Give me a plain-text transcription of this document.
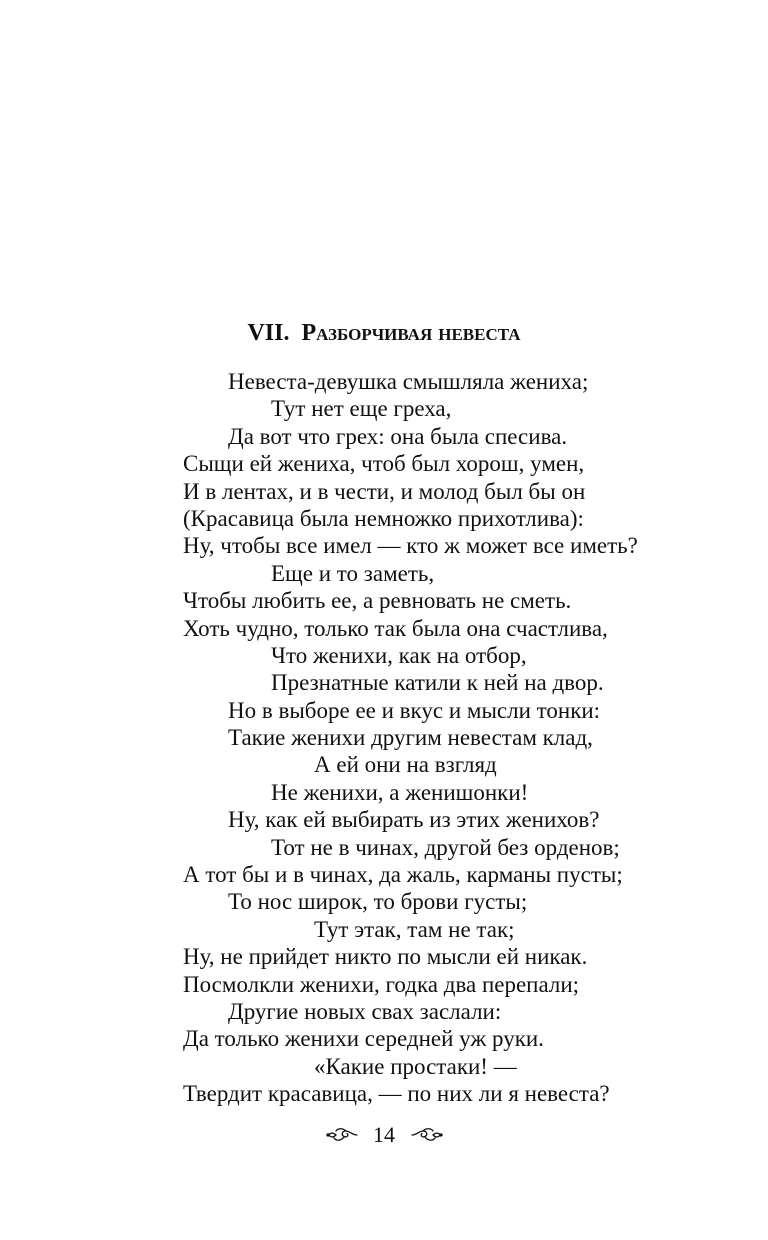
VII. Разборчивая невеста
Невеста-девушка смышляла жениха;
Тут нет еще греха,
Да вот что грех: она была спесива.
Сыщи ей жениха, чтоб был хорош, умен,
И в лентах, и в чести, и молод был бы он
(Красавица была немножко прихотлива):
Ну, чтобы все имел — кто ж может все иметь?
Еще и то заметь,
Чтобы любить ее, а ревновать не сметь.
Хоть чудно, только так была она счастлива,
Что женихи, как на отбор,
Презнатные катили к ней на двор.
Но в выборе ее и вкус и мысли тонки:
Такие женихи другим невестам клад,
А ей они на взгляд
Не женихи, а женишонки!
Ну, как ей выбирать из этих женихов?
Тот не в чинах, другой без орденов;
А тот бы и в чинах, да жаль, карманы пусты;
То нос широк, то брови густы;
Тут этак, там не так;
Ну, не прийдет никто по мысли ей никак.
Посмолкли женихи, годка два перепали;
Другие новых свах заслали:
Да только женихи середней уж руки.
«Какие простаки! —
Твердит красавица, — по них ли я невеста?
14
